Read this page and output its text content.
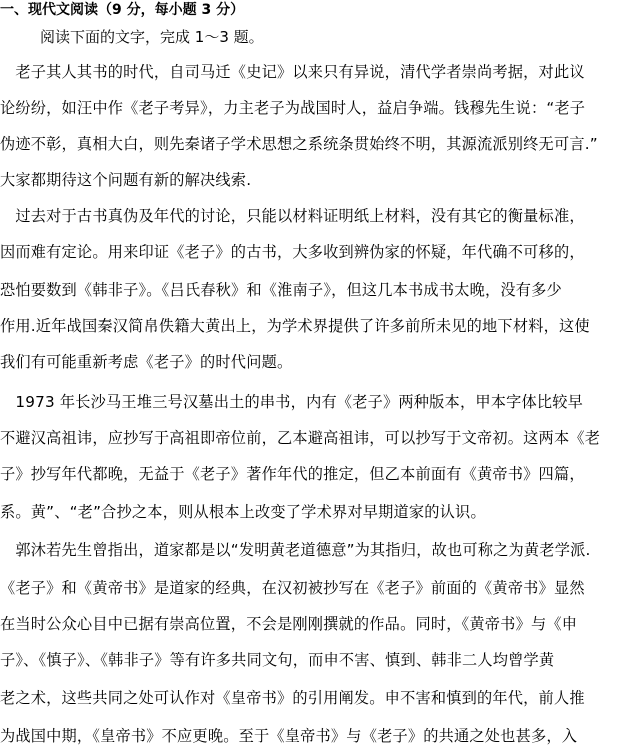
一、现代文阅读（9 分，每小题 3 分）
阅读下面的文字，完成 1～3 题。
　老子其人其书的时代，自司马迁《史记》以来只有异说，清代学者崇尚考据，对此议
论纷纷，如汪中作《老子考异》，力主老子为战国时人，益启争端。钱穆先生说：“老子
伪迹不彰，真相大白，则先秦诸子学术思想之系统条贯始终不明，其源流派别终无可言.”
大家都期待这个问题有新的解决线索.
　过去对于古书真伪及年代的讨论，只能以材料证明纸上材料，没有其它的衡量标准，
因而难有定论。用来印证《老子》的古书，大多收到辨伪家的怀疑，年代确不可移的，
恐怕要数到《韩非子》。《吕氏春秋》和《淮南子》，但这几本书成书太晚，没有多少
作用.近年战国秦汉简帛佚籍大黄出上，为学术界提供了许多前所未见的地下材料，这使
我们有可能重新考虑《老子》的时代问题。
　1973 年长沙马王堆三号汉墓出土的串书，内有《老子》两种版本，甲本字体比较早
不避汉高祖讳，应抄写于高祖即帝位前，乙本避高祖讳，可以抄写于文帝初。这两本《老
子》抄写年代都晚，无益于《老子》著作年代的推定，但乙本前面有《黄帝书》四篇，
系。黄”、“老”合抄之本，则从根本上改变了学术界对早期道家的认识。
　郭沐若先生曾指出，道家都是以“发明黄老道德意”为其指归，故也可称之为黄老学派.
《老子》和《黄帝书》是道家的经典，在汉初被抄写在《老子》前面的《黄帝书》显然
在当时公众心目中已据有崇高位置，不会是刚刚撰就的作品。同时，《黄帝书》与《申
子》、《慎子》、《韩非子》等有许多共同文句，而申不害、慎到、韩非二人均曾学黄
老之术，这些共同之处可认作对《皇帝书》的引用阐发。申不害和慎到的年代，前人推
为战国中期，《皇帝书》不应更晚。至于《皇帝书》与《老子》的共通之处也甚多，入
